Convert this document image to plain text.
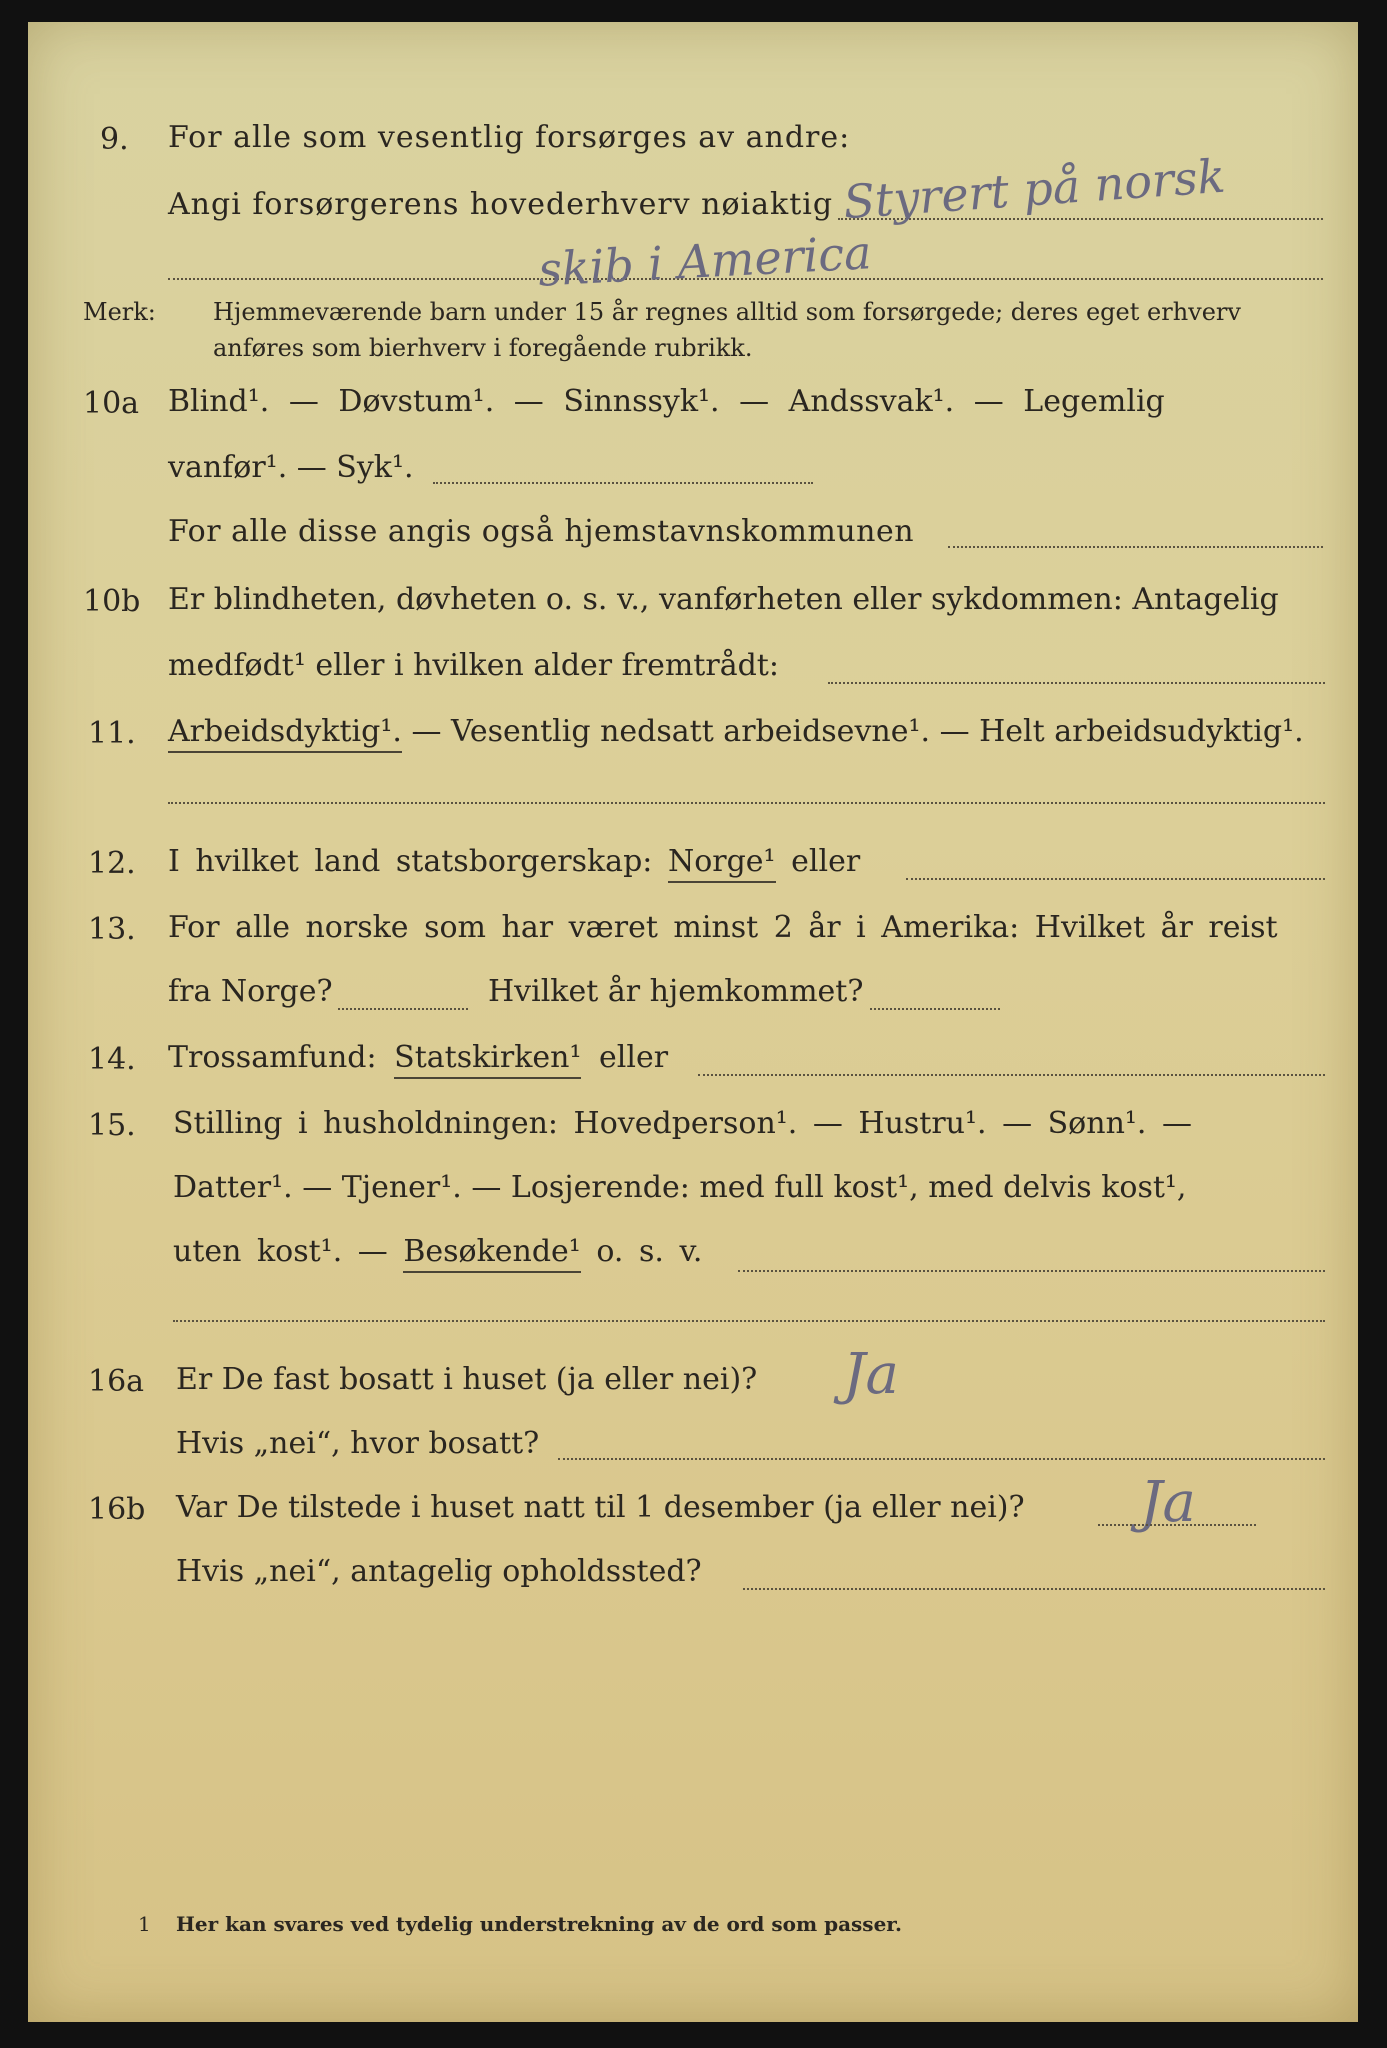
9. For alle som vesentlig forsørges av andre:
Angi forsørgerens hovederhverv nøiaktig Styrert på norsk
skib i America
Merk: Hjemmeværende barn under 15 år regnes alltid som forsørgede; deres eget erhverv
anføres som bierhverv i foregående rubrikk.
10a Blind¹. — Døvstum¹. — Sinnssyk¹. — Andssvak¹. — Legemlig
vanfør¹. — Syk¹.
For alle disse angis også hjemstavnskommunen
10b Er blindheten, døvheten o. s. v., vanførheten eller sykdommen: Antagelig
medfødt¹ eller i hvilken alder fremtrådt:
11. Arbeidsdyktig¹. — Vesentlig nedsatt arbeidsevne¹. — Helt arbeidsudyktig¹.
12. I hvilket land statsborgerskap: Norge¹ eller
13. For alle norske som har været minst 2 år i Amerika: Hvilket år reist
fra Norge?	Hvilket år hjemkommet?
14. Trossamfund: Statskirken¹ eller
15. Stilling i husholdningen: Hovedperson¹. — Hustru¹. — Sønn¹. —
Datter¹. — Tjener¹. — Losjerende: med full kost¹, med delvis kost¹,
uten kost¹. — Besøkende¹ o. s. v.
16a Er De fast bosatt i huset (ja eller nei)? Ja
Hvis „nei“, hvor bosatt?
16b Var De tilstede i huset natt til 1 desember (ja eller nei)? Ja
Hvis „nei“, antagelig opholdssted?
1 Her kan svares ved tydelig understrekning av de ord som passer.
